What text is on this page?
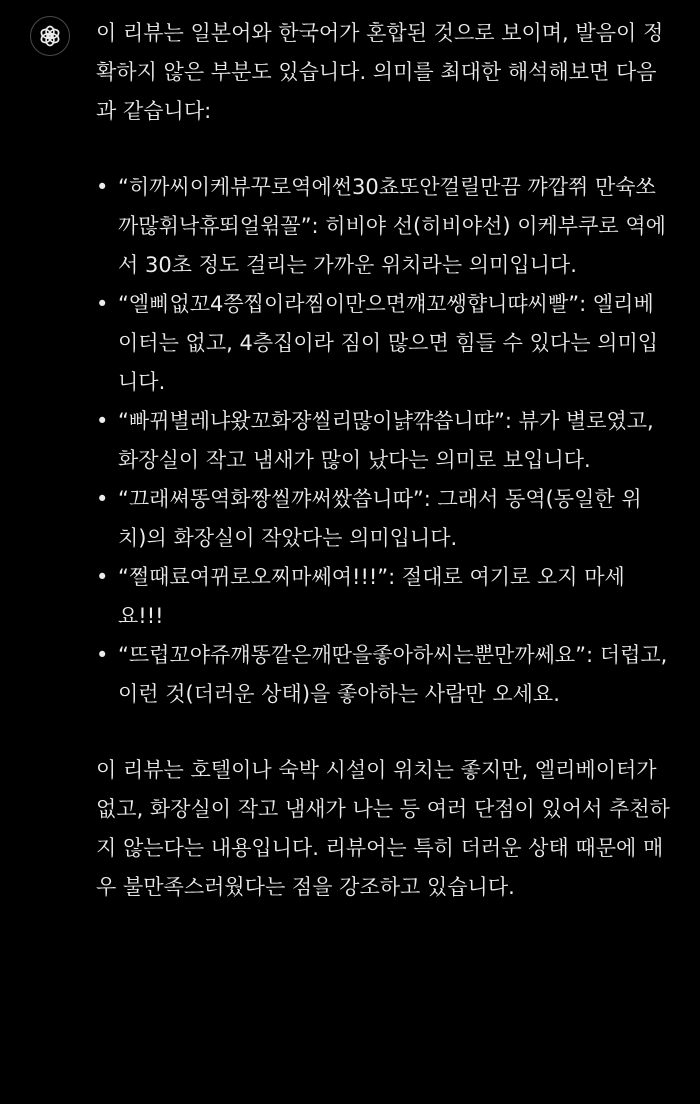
이 리뷰는 일본어와 한국어가 혼합된 것으로 보이며, 발음이 정확하지 않은 부분도 있습니다. 의미를 최대한 해석해보면 다음과 같습니다:

• “히까씨이케뷰꾸로역에썬30쵸또안껄릴만끔 꺄깝쮜 만슉쏘까많휘낙휴뙤얼윆꼴”: 히비야 선(히비야선) 이케부쿠로 역에서 30초 정도 걸리는 가까운 위치라는 의미입니다.
• “엘삐없꼬4쯩찝이라찜이만으면꺠꼬쌩햡니땨씨빨”: 엘리베이터는 없고, 4층집이라 짐이 많으면 힘들 수 있다는 의미입니다.
• “빠뀌별레냐왔꼬화쟝씰리많이냙꺆씁니땨”: 뷰가 별로였고, 화장실이 작고 냄새가 많이 났다는 의미로 보입니다.
• “끄래쎠똥역화짱씰꺄써쌌씁니따”: 그래서 동역(동일한 위치)의 화장실이 작았다는 의미입니다.
• “쩔때료여뀌로오찌마쎄여!!!”: 절대로 여기로 오지 마세요!!!
• “뜨럽꼬야쥬꺠똥깥은깨딴을좋아하씨는뿐만까쎄요”: 더럽고, 이런 것(더러운 상태)을 좋아하는 사람만 오세요.

이 리뷰는 호텔이나 숙박 시설이 위치는 좋지만, 엘리베이터가 없고, 화장실이 작고 냄새가 나는 등 여러 단점이 있어서 추천하지 않는다는 내용입니다. 리뷰어는 특히 더러운 상태 때문에 매우 불만족스러웠다는 점을 강조하고 있습니다.
